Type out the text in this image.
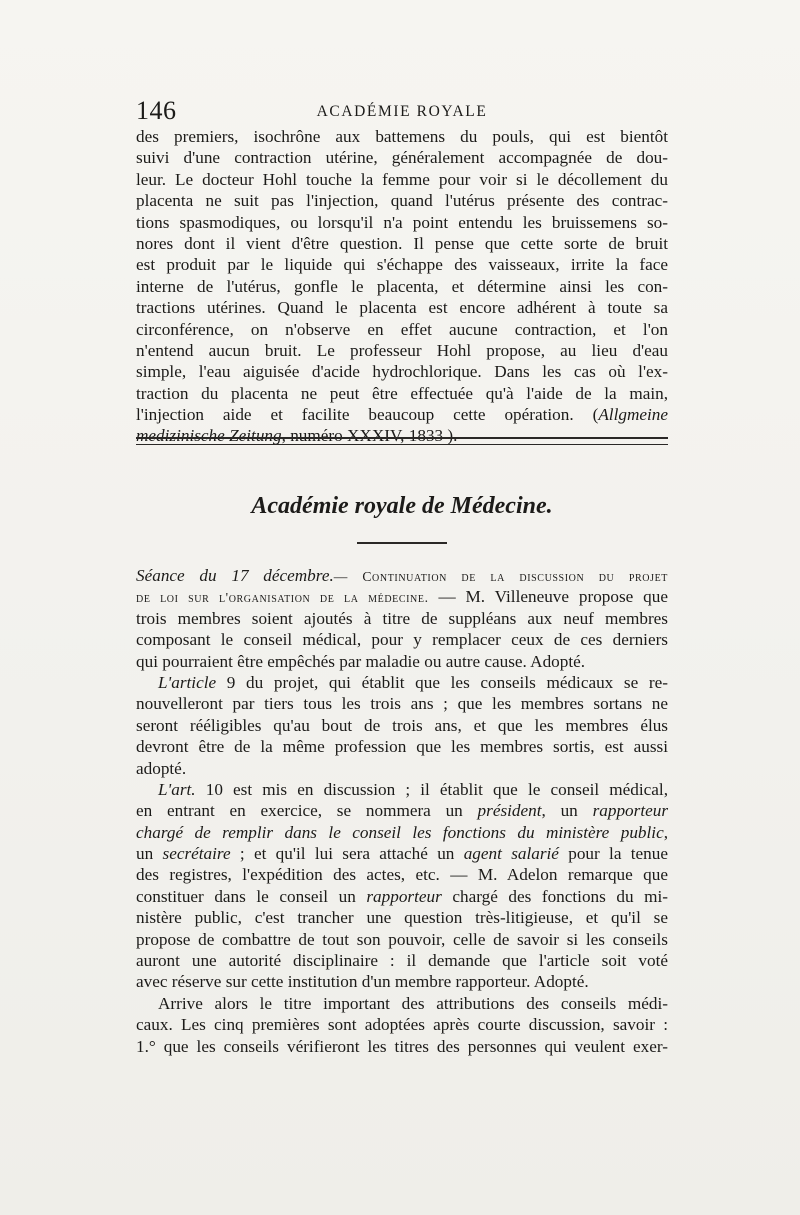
146	ACADÉMIE ROYALE
des premiers, isochrône aux battemens du pouls, qui est bientôt
suivi d'une contraction utérine, généralement accompagnée de dou-
leur. Le docteur Hohl touche la femme pour voir si le décollement du
placenta ne suit pas l'injection, quand l'utérus présente des contrac-
tions spasmodiques, ou lorsqu'il n'a point entendu les bruissemens so-
nores dont il vient d'être question. Il pense que cette sorte de bruit
est produit par le liquide qui s'échappe des vaisseaux, irrite la face
interne de l'utérus, gonfle le placenta, et détermine ainsi les con-
tractions utérines. Quand le placenta est encore adhérent à toute sa
circonférence, on n'observe en effet aucune contraction, et l'on
n'entend aucun bruit. Le professeur Hohl propose, au lieu d'eau
simple, l'eau aiguisée d'acide hydrochlorique. Dans les cas où l'ex-
traction du placenta ne peut être effectuée qu'à l'aide de la main,
l'injection aide et facilite beaucoup cette opération. (Allgmeine
medizinische Zeitung, numéro XXXIV, 1833 ).
Académie royale de Médecine.
Séance du 17 décembre.— Continuation de la discussion du projet
de loi sur l'organisation de la médecine. — M. Villeneuve propose que
trois membres soient ajoutés à titre de suppléans aux neuf membres
composant le conseil médical, pour y remplacer ceux de ces derniers
qui pourraient être empêchés par maladie ou autre cause. Adopté.
L'article 9 du projet, qui établit que les conseils médicaux se re-
nouvelleront par tiers tous les trois ans ; que les membres sortans ne
seront rééligibles qu'au bout de trois ans, et que les membres élus
devront être de la même profession que les membres sortis, est aussi
adopté.
L'art. 10 est mis en discussion ; il établit que le conseil médical,
en entrant en exercice, se nommera un président, un rapporteur
chargé de remplir dans le conseil les fonctions du ministère public,
un secrétaire ; et qu'il lui sera attaché un agent salarié pour la tenue
des registres, l'expédition des actes, etc. — M. Adelon remarque que
constituer dans le conseil un rapporteur chargé des fonctions du mi-
nistère public, c'est trancher une question très-litigieuse, et qu'il se
propose de combattre de tout son pouvoir, celle de savoir si les conseils
auront une autorité disciplinaire : il demande que l'article soit voté
avec réserve sur cette institution d'un membre rapporteur. Adopté.
Arrive alors le titre important des attributions des conseils médi-
caux. Les cinq premières sont adoptées après courte discussion, savoir :
1.° que les conseils vérifieront les titres des personnes qui veulent exer-
